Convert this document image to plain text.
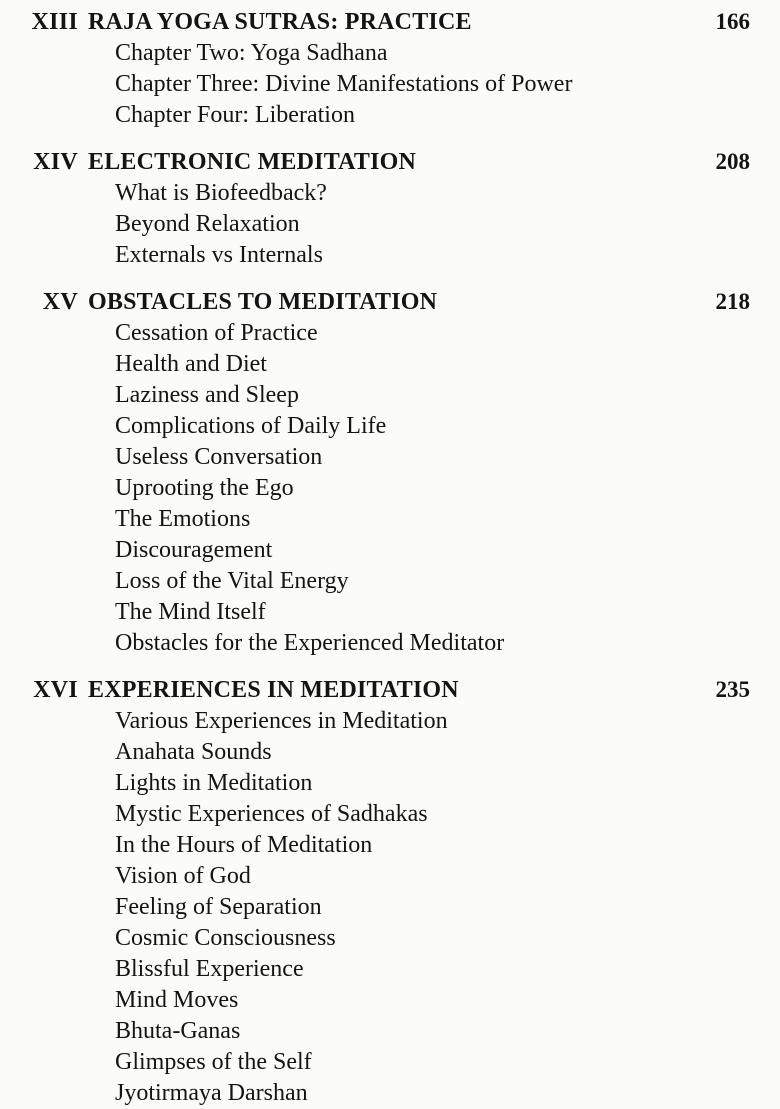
XIII RAJA YOGA SUTRAS: PRACTICE	166
Chapter Two: Yoga Sadhana
Chapter Three: Divine Manifestations of Power
Chapter Four: Liberation
XIV ELECTRONIC MEDITATION	208
What is Biofeedback?
Beyond Relaxation
Externals vs Internals
XV OBSTACLES TO MEDITATION	218
Cessation of Practice
Health and Diet
Laziness and Sleep
Complications of Daily Life
Useless Conversation
Uprooting the Ego
The Emotions
Discouragement
Loss of the Vital Energy
The Mind Itself
Obstacles for the Experienced Meditator
XVI EXPERIENCES IN MEDITATION	235
Various Experiences in Meditation
Anahata Sounds
Lights in Meditation
Mystic Experiences of Sadhakas
In the Hours of Meditation
Vision of God
Feeling of Separation
Cosmic Consciousness
Blissful Experience
Mind Moves
Bhuta-Ganas
Glimpses of the Self
Jyotirmaya Darshan
